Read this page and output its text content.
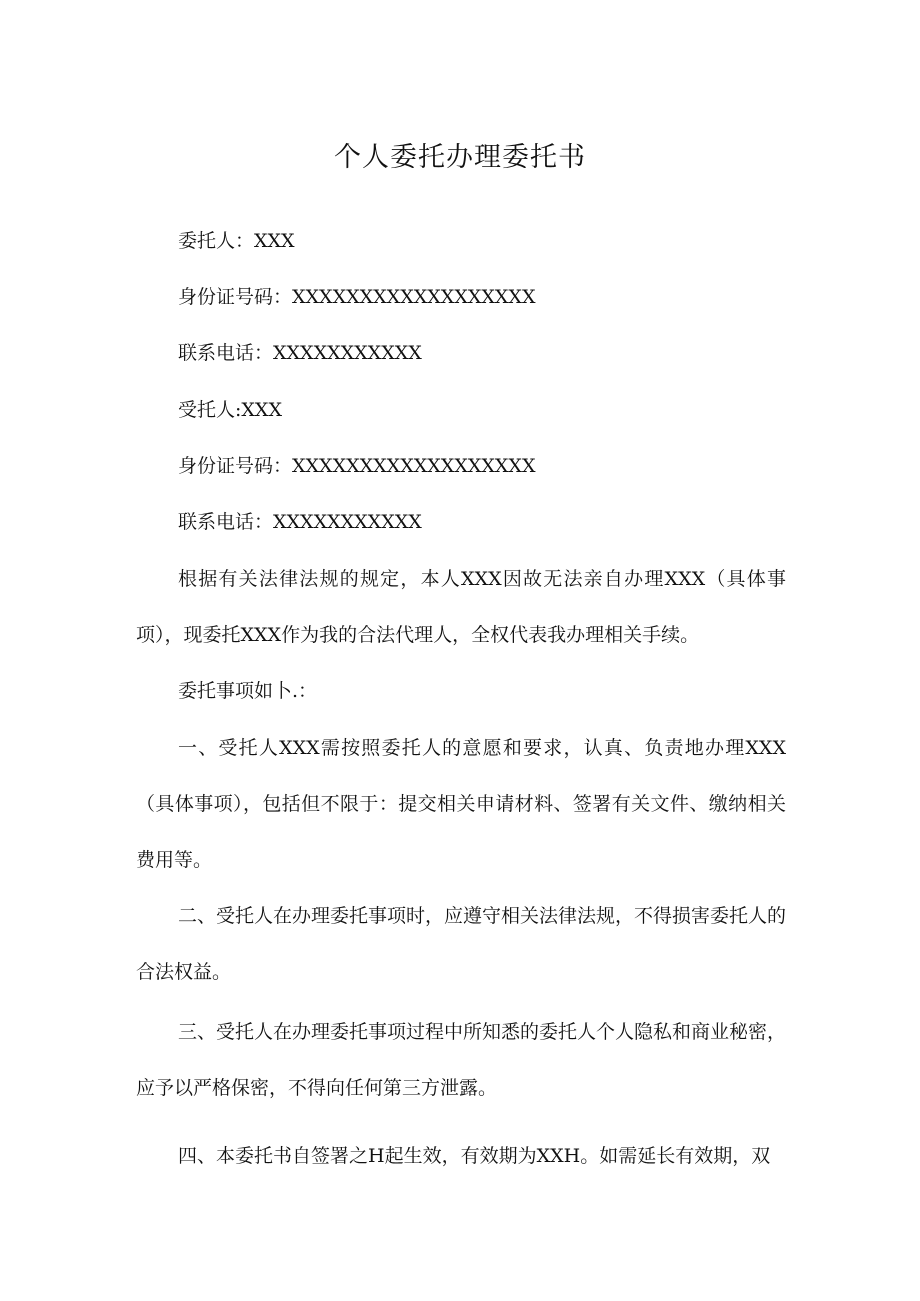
个人委托办理委托书
委托人：XXX
身份证号码：XXXXXXXXXXXXXXXXXX
联系电话：XXXXXXXXXXX
受托人:XXX
身份证号码：XXXXXXXXXXXXXXXXXX
联系电话：XXXXXXXXXXX
根据有关法律法规的规定，本人XXX因故无法亲自办理XXX（具体事项），现委托XXX作为我的合法代理人，全权代表我办理相关手续。
委托事项如卜.：
一、受托人XXX需按照委托人的意愿和要求，认真、负责地办理XXX（具体事项），包括但不限于：提交相关申请材料、签署有关文件、缴纳相关费用等。
二、受托人在办理委托事项时，应遵守相关法律法规，不得损害委托人的合法权益。
三、受托人在办理委托事项过程中所知悉的委托人个人隐私和商业秘密，应予以严格保密，不得向任何第三方泄露。
四、本委托书自签署之H起生效，有效期为XXH。如需延长有效期，双
